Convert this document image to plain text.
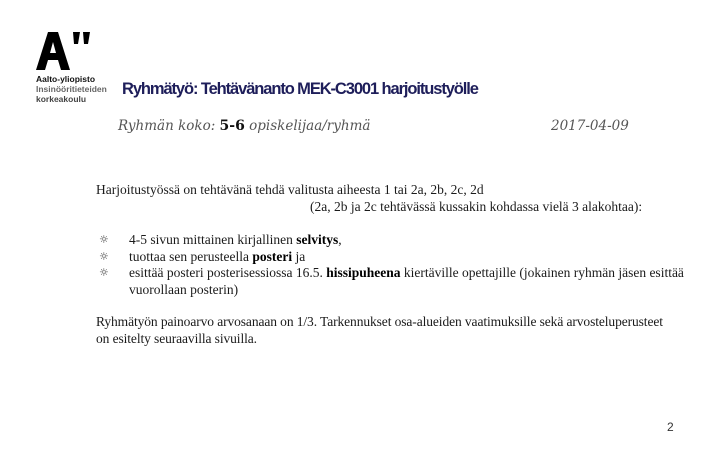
Aalto-yliopisto
Insinööritieteiden
korkeakoulu
Ryhmätyö: Tehtävänanto MEK-C3001 harjoitustyölle
Ryhmän koko: 5-6 opiskelijaa/ryhmä	2017-04-09
Harjoitustyössä on tehtävänä tehdä valitusta aiheesta 1 tai 2a, 2b, 2c, 2d
(2a, 2b ja 2c tehtävässä kussakin kohdassa vielä 3 alakohtaa):
☼ 4-5 sivun mittainen kirjallinen selvitys,
☼ tuottaa sen perusteella posteri ja
☼ esittää posteri posterisessiossa 16.5. hissipuheena kiertäville opettajille (jokainen ryhmän jäsen esittää vuorollaan posterin)
Ryhmätyön painoarvo arvosanaan on 1/3. Tarkennukset osa-alueiden vaatimuksille sekä arvosteluperusteet
on esitelty seuraavilla sivuilla.
2
